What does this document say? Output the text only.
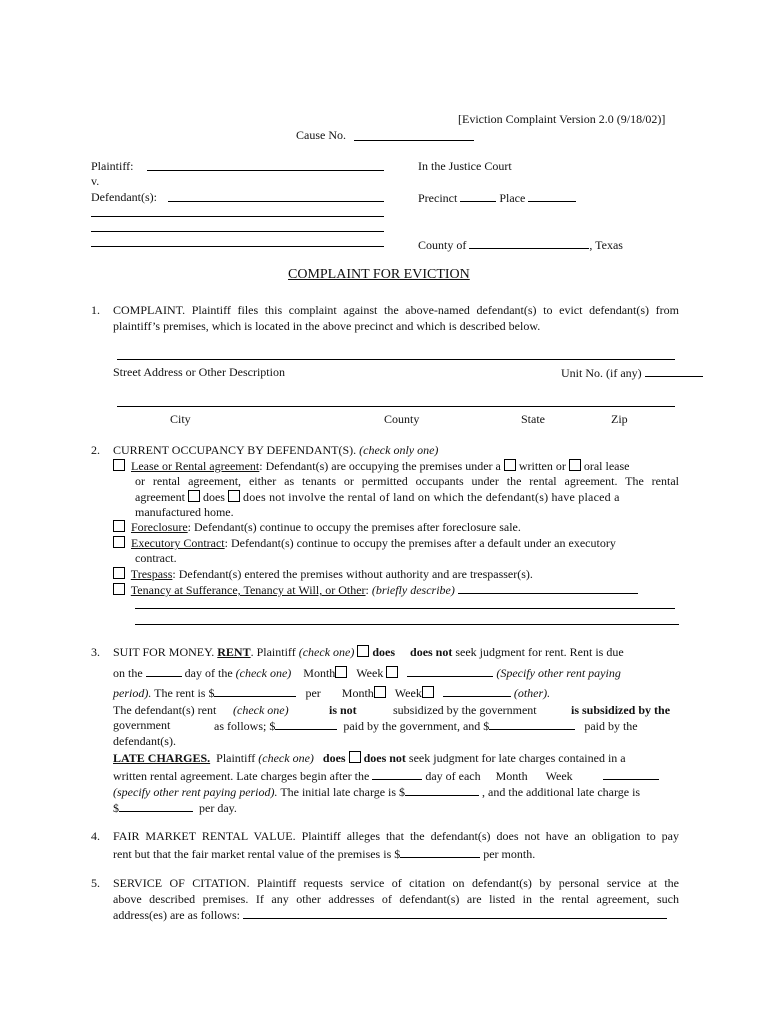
[Eviction Complaint Version 2.0 (9/18/02)]
Cause No.
Plaintiff:
v.
Defendant(s):
In the Justice Court
Precinct	Place
County of	, Texas
COMPLAINT FOR EVICTION
1. COMPLAINT. Plaintiff files this complaint against the above-named defendant(s) to evict defendant(s) from
plaintiff’s premises, which is located in the above precinct and which is described below.
Street Address or Other Description	Unit No. (if any)
City	County	State	Zip
2. CURRENT OCCUPANCY BY DEFENDANT(S). (check only one)
Lease or Rental agreement: Defendant(s) are occupying the premises under a written or oral lease
or rental agreement, either as tenants or permitted occupants under the rental agreement. The rental
agreement does does not involve the rental of land on which the defendant(s) have placed a
manufactured home.
Foreclosure: Defendant(s) continue to occupy the premises after foreclosure sale.
Executory Contract: Defendant(s) continue to occupy the premises after a default under an executory
contract.
Trespass: Defendant(s) entered the premises without authority and are trespasser(s).
Tenancy at Sufferance, Tenancy at Will, or Other: (briefly describe)
3. SUIT FOR MONEY. RENT. Plaintiff (check one) does does not seek judgment for rent. Rent is due
on the	day of the (check one) Month Week	(Specify other rent paying
period). The rent is $	per Month Week	(other).
The defendant(s) rent (check one)	is not	subsidized by the government	is subsidized by the
government	as follows; $	paid by the government, and $	paid by the
defendant(s).
LATE CHARGES. Plaintiff (check one) does does not seek judgment for late charges contained in a
written rental agreement. Late charges begin after the	day of each Month Week
(specify other rent paying period). The initial late charge is $	, and the additional late charge is
$	per day.
4. FAIR MARKET RENTAL VALUE. Plaintiff alleges that the defendant(s) does not have an obligation to pay
rent but that the fair market rental value of the premises is $	per month.
5. SERVICE OF CITATION. Plaintiff requests service of citation on defendant(s) by personal service at the
above described premises. If any other addresses of defendant(s) are listed in the rental agreement, such
address(es) are as follows:
